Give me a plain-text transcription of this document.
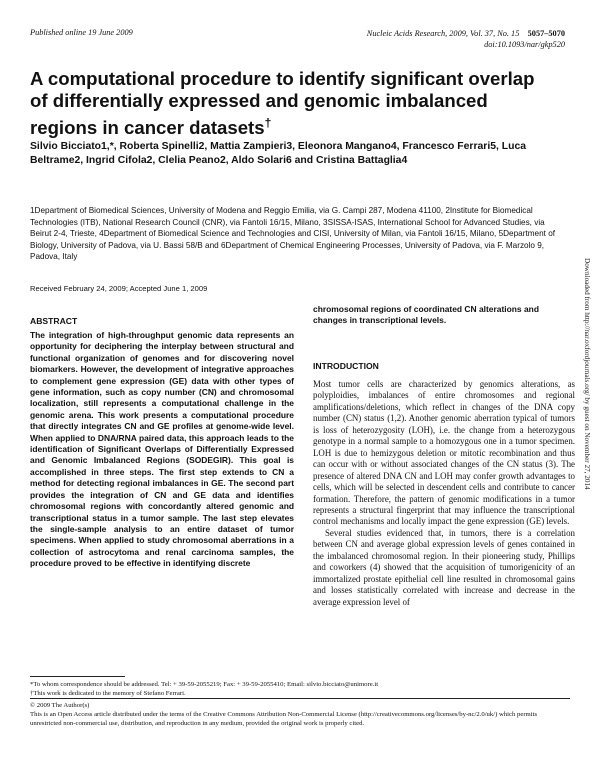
Published online 19 June 2009	Nucleic Acids Research, 2009, Vol. 37, No. 15 5057–5070
doi:10.1093/nar/gkp520
A computational procedure to identify significant overlap of differentially expressed and genomic imbalanced regions in cancer datasets†
Silvio Bicciato1,*, Roberta Spinelli2, Mattia Zampieri3, Eleonora Mangano4, Francesco Ferrari5, Luca Beltrame2, Ingrid Cifola2, Clelia Peano2, Aldo Solari6 and Cristina Battaglia4
1Department of Biomedical Sciences, University of Modena and Reggio Emilia, via G. Campi 287, Modena 41100, 2Institute for Biomedical Technologies (ITB), National Research Council (CNR), via Fantoli 16/15, Milano, 3SISSA-ISAS, International School for Advanced Studies, via Beirut 2-4, Trieste, 4Department of Biomedical Science and Technologies and CISI, University of Milan, via Fantoli 16/15, Milano, 5Department of Biology, University of Padova, via U. Bassi 58/B and 6Department of Chemical Engineering Processes, University of Padova, via F. Marzolo 9, Padova, Italy
Received February 24, 2009; Accepted June 1, 2009
ABSTRACT
The integration of high-throughput genomic data represents an opportunity for deciphering the interplay between structural and functional organization of genomes and for discovering novel biomarkers. However, the development of integrative approaches to complement gene expression (GE) data with other types of gene information, such as copy number (CN) and chromosomal localization, still represents a computational challenge in the genomic arena. This work presents a computational procedure that directly integrates CN and GE profiles at genome-wide level. When applied to DNA/RNA paired data, this approach leads to the identification of Significant Overlaps of Differentially Expressed and Genomic Imbalanced Regions (SODEGIR). This goal is accomplished in three steps. The first step extends to CN a method for detecting regional imbalances in GE. The second part provides the integration of CN and GE data and identifies chromosomal regions with concordantly altered genomic and transcriptional status in a tumor sample. The last step elevates the single-sample analysis to an entire dataset of tumor specimens. When applied to study chromosomal aberrations in a collection of astrocytoma and renal carcinoma samples, the procedure proved to be effective in identifying discrete
chromosomal regions of coordinated CN alterations and changes in transcriptional levels.
INTRODUCTION

Most tumor cells are characterized by genomics alterations, as polyploidies, imbalances of entire chromosomes and regional amplifications/deletions, which reflect in changes of the DNA copy number (CN) status (1,2). Another genomic aberration typical of tumors is loss of heterozygosity (LOH), i.e. the change from a heterozygous genotype in a normal sample to a homozygous one in a tumor specimen. LOH is due to hemizygous deletion or mitotic recombination and thus can occur with or without associated changes of the CN status (3). The presence of altered DNA CN and LOH may confer growth advantages to cells, which will be selected in descendent cells and contribute to cancer formation. Therefore, the pattern of genomic modifications in a tumor represents a structural fingerprint that may influence the transcriptional control mechanisms and locally impact the gene expression (GE) levels.

Several studies evidenced that, in tumors, there is a correlation between CN and average global expression levels of genes contained in the imbalanced chromosomal region. In their pioneering study, Phillips and coworkers (4) showed that the acquisition of tumorigenicity of an immortalized prostate epithelial cell line resulted in chromosomal gains and losses statistically correlated with increase and decrease in the average expression level of

*To whom correspondence should be addressed. Tel: + 39-59-2055219; Fax: + 39-59-2055410; Email: silvio.bicciato@unimore.it
†This work is dedicated to the memory of Stefano Ferrari.
© 2009 The Author(s)
This is an Open Access article distributed under the terms of the Creative Commons Attribution Non-Commercial License (http://creativecommons.org/licenses/by-nc/2.0/uk/) which permits unrestricted non-commercial use, distribution, and reproduction in any medium, provided the original work is properly cited.
Downloaded from http://nar.oxfordjournals.org/ by guest on November 27, 2014
